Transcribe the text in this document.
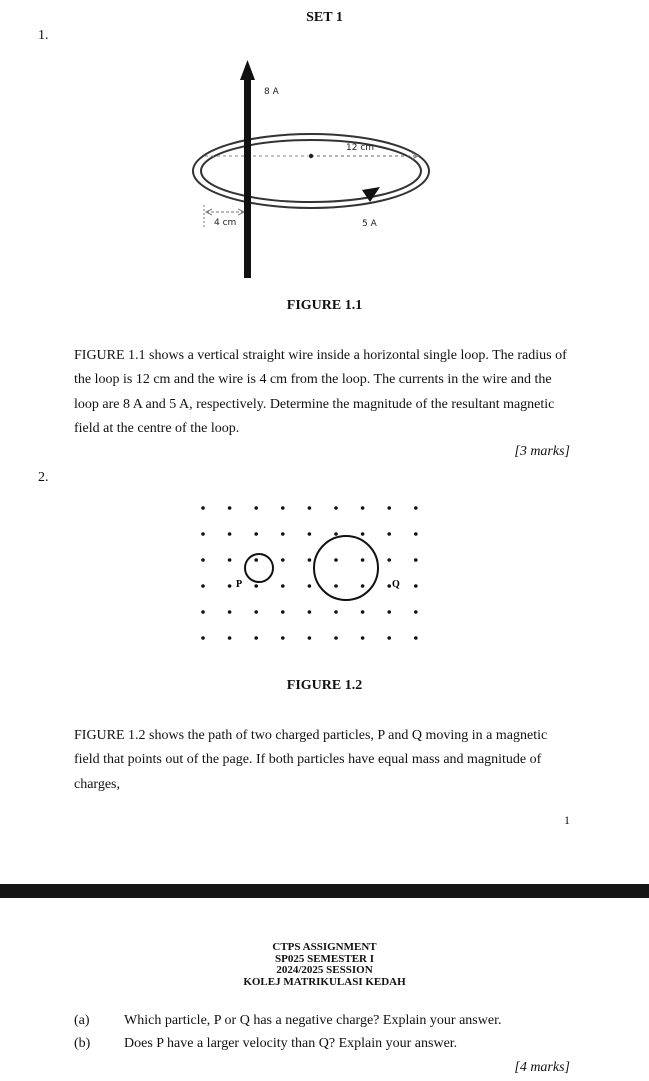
SET 1
1.
8 A
12 cm
4 cm	5 A
FIGURE 1.1
FIGURE 1.1 shows a vertical straight wire inside a horizontal single loop. The radius of
the loop is 12 cm and the wire is 4 cm from the loop. The currents in the wire and the
loop are 8 A and 5 A, respectively. Determine the magnitude of the resultant magnetic
field at the centre of the loop.
[3 marks]
2.
P	Q
FIGURE 1.2
FIGURE 1.2 shows the path of two charged particles, P and Q moving in a magnetic
field that points out of the page. If both particles have equal mass and magnitude of
charges,
1
CTPS ASSIGNMENT
SP025 SEMESTER I
2024/2025 SESSION
KOLEJ MATRIKULASI KEDAH
(a) Which particle, P or Q has a negative charge? Explain your answer.
(b) Does P have a larger velocity than Q? Explain your answer.
[4 marks]
